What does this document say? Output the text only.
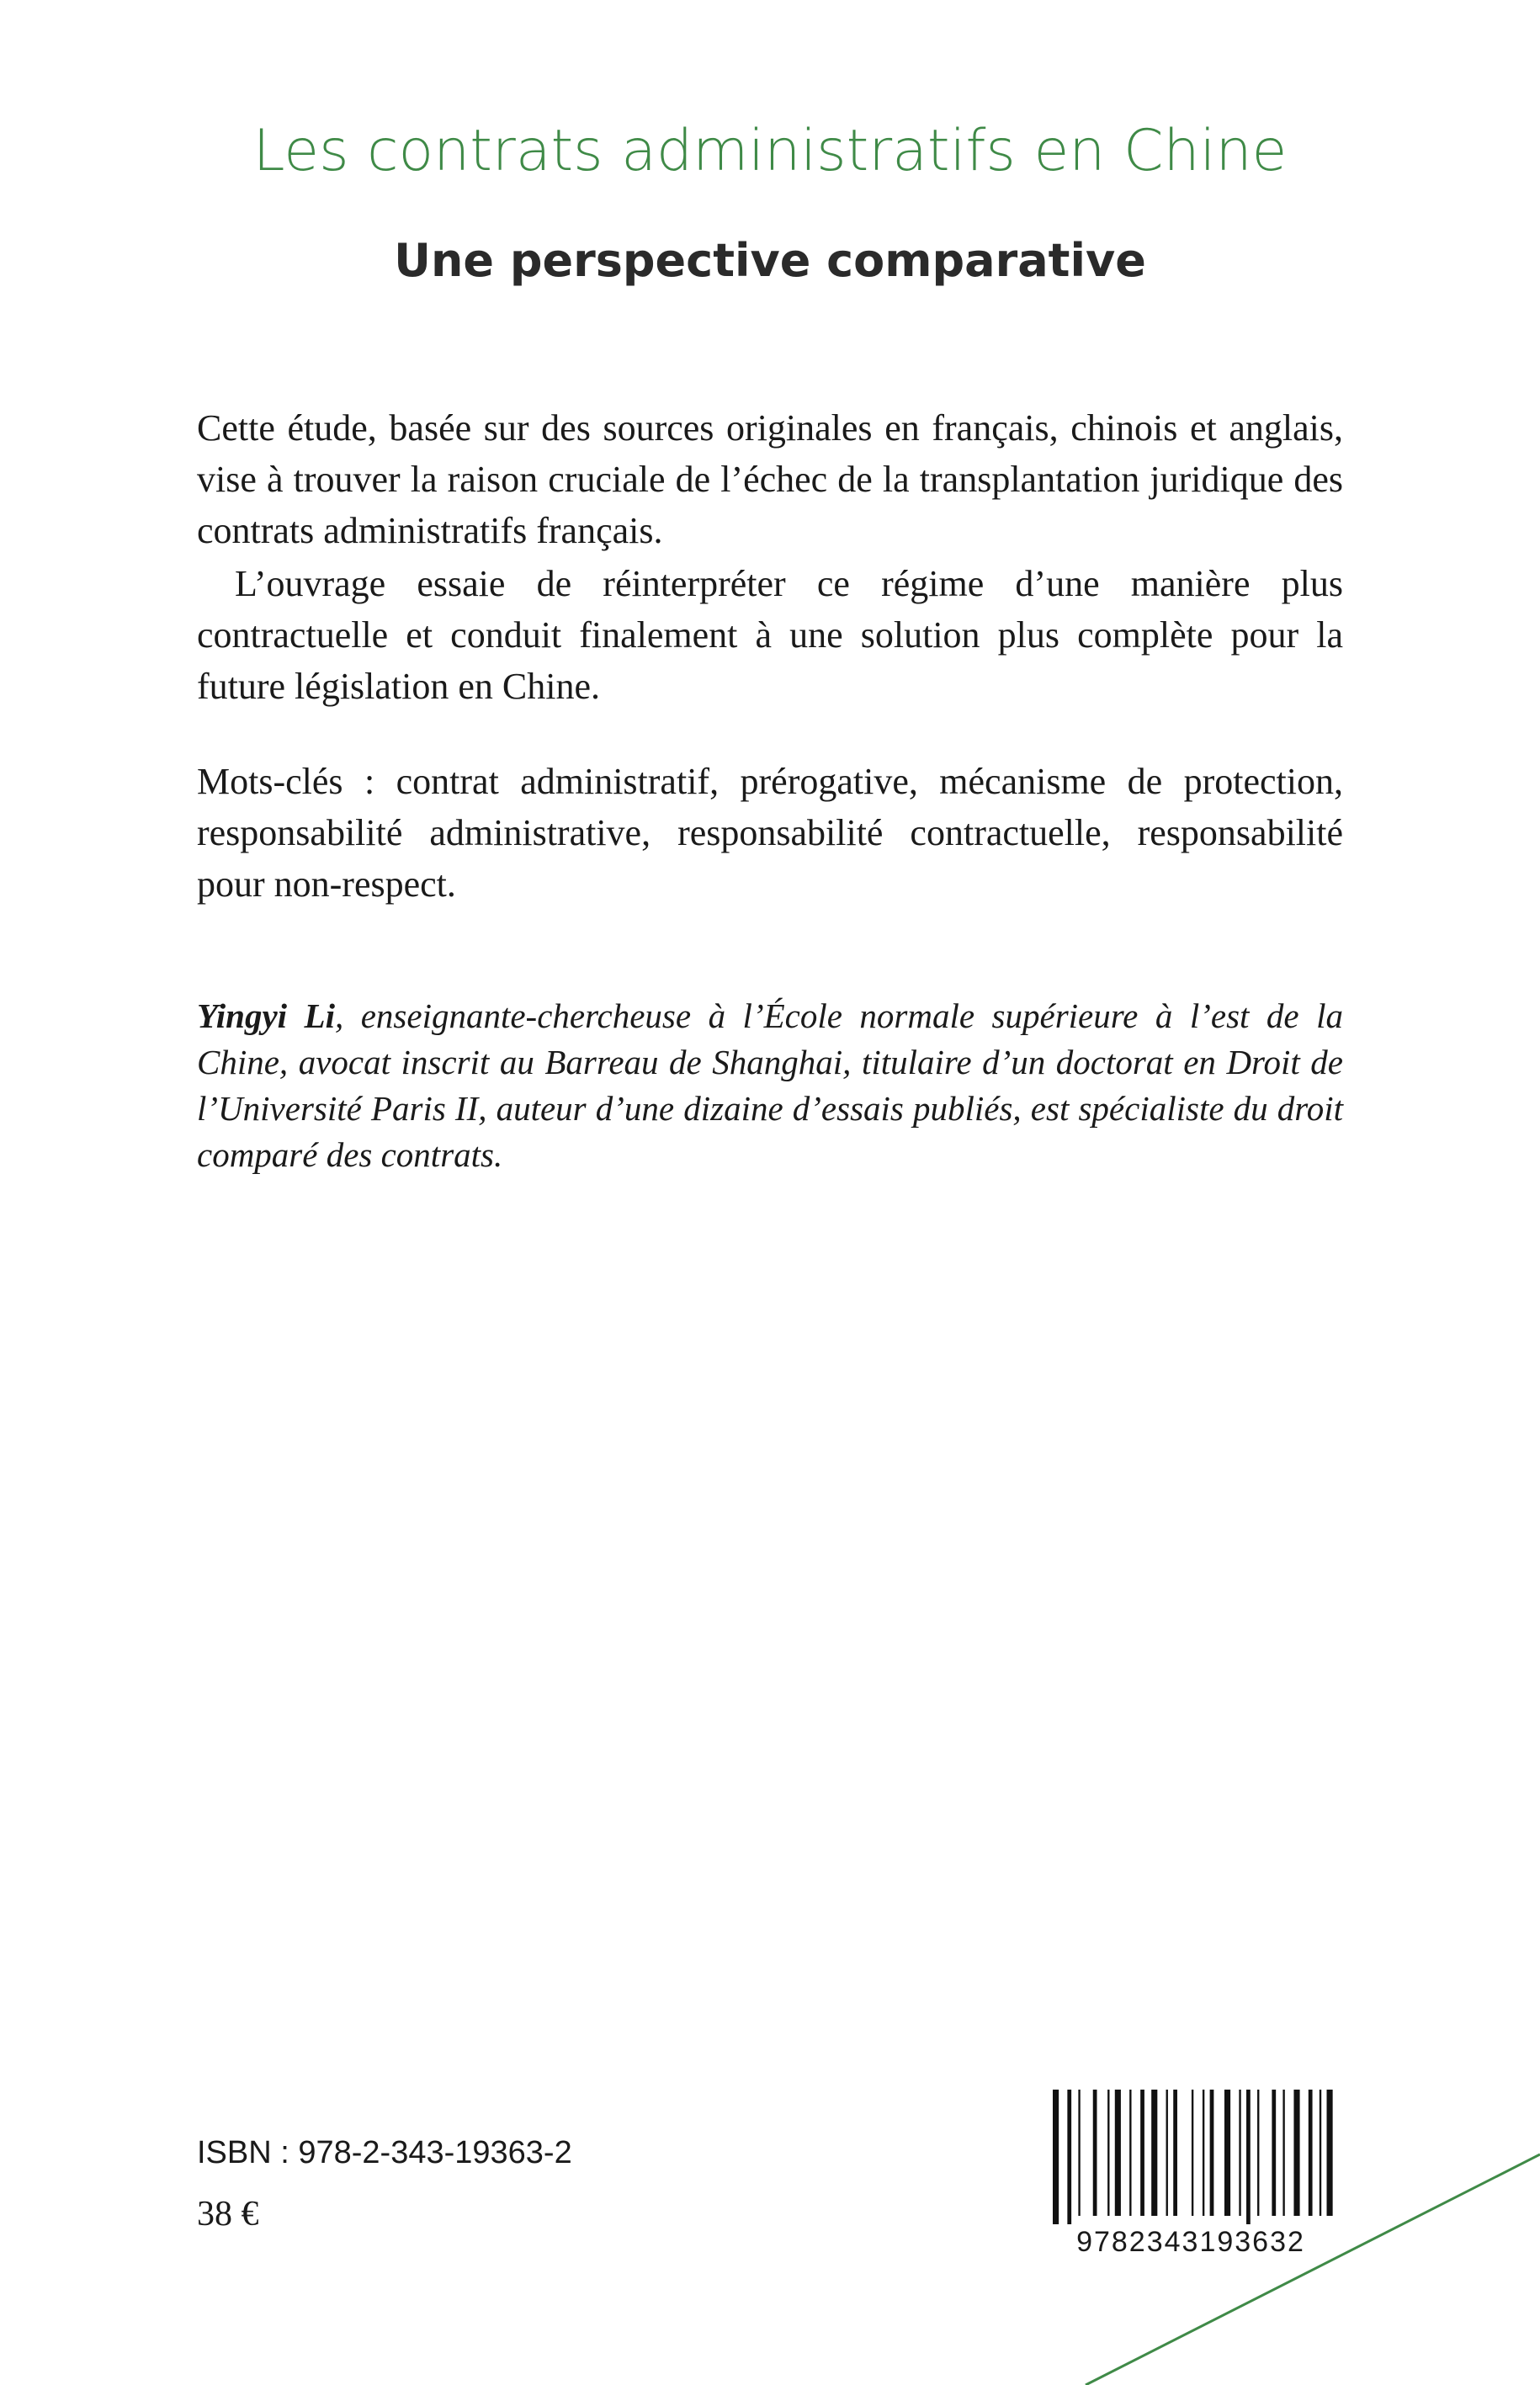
Les contrats administratifs en Chine
Une perspective comparative

Cette étude, basée sur des sources originales en français, chinois et anglais, vise à trouver la raison cruciale de l’échec de la transplantation juridique des contrats administratifs français.

L’ouvrage essaie de réinterpréter ce régime d’une manière plus contractuelle et conduit finalement à une solution plus complète pour la future législation en Chine.

Mots-clés : contrat administratif, prérogative, mécanisme de protection, responsabilité administrative, responsabilité contractuelle, responsabilité pour non-respect.

Yingyi Li, enseignante-chercheuse à l’École normale supérieure à l’est de la Chine, avocat inscrit au Barreau de Shanghai, titulaire d’un doctorat en Droit de l’Université Paris II, auteur d’une dizaine d’essais publiés, est spécialiste du droit comparé des contrats.

ISBN : 978-2-343-19363-2
38 €
9782343193632
